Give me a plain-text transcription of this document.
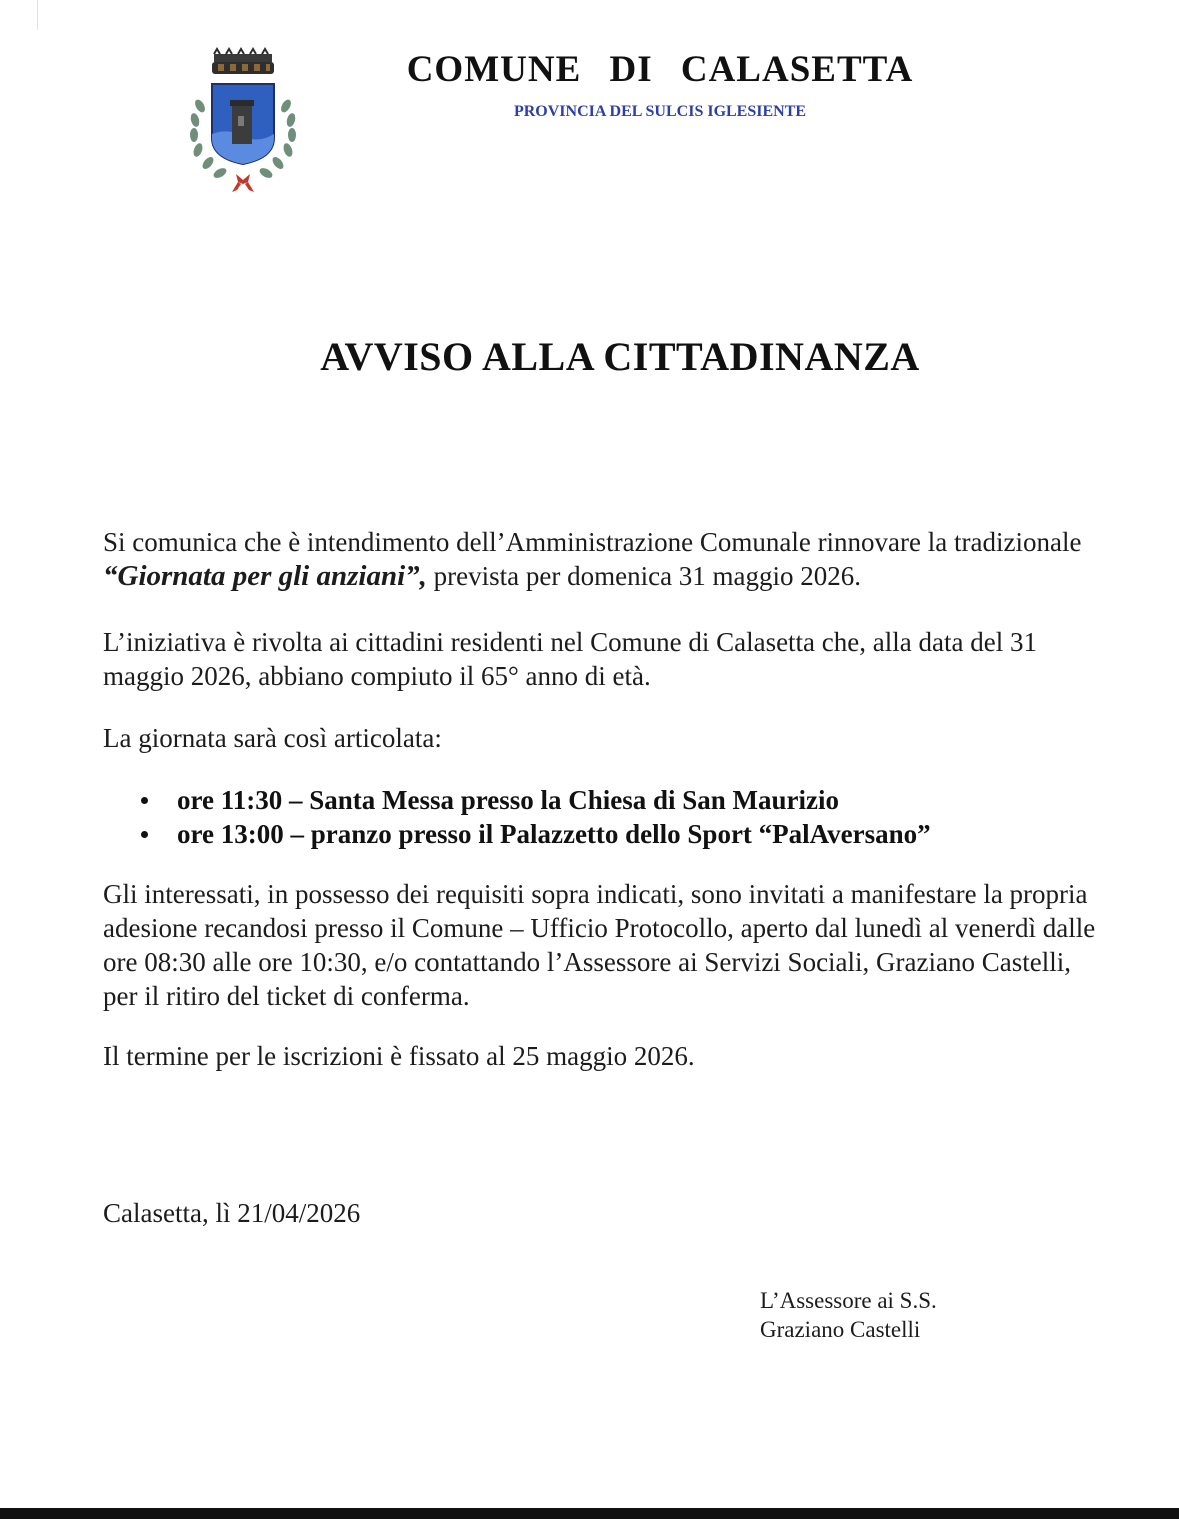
COMUNE DI CALASETTA
PROVINCIA DEL SULCIS IGLESIENTE
AVVISO ALLA CITTADINANZA

Si comunica che è intendimento dell’Amministrazione Comunale rinnovare la tradizionale “Giornata per gli anziani”, prevista per domenica 31 maggio 2026.

L’iniziativa è rivolta ai cittadini residenti nel Comune di Calasetta che, alla data del 31 maggio 2026, abbiano compiuto il 65° anno di età.

La giornata sarà così articolata:

ore 11:30 – Santa Messa presso la Chiesa di San Maurizio
ore 13:00 – pranzo presso il Palazzetto dello Sport “PalAversano”

Gli interessati, in possesso dei requisiti sopra indicati, sono invitati a manifestare la propria adesione recandosi presso il Comune – Ufficio Protocollo, aperto dal lunedì al venerdì dalle ore 08:30 alle ore 10:30, e/o contattando l’Assessore ai Servizi Sociali, Graziano Castelli, per il ritiro del ticket di conferma.

Il termine per le iscrizioni è fissato al 25 maggio 2026.

Calasetta, lì 21/04/2026
L’Assessore ai S.S.
Graziano Castelli
